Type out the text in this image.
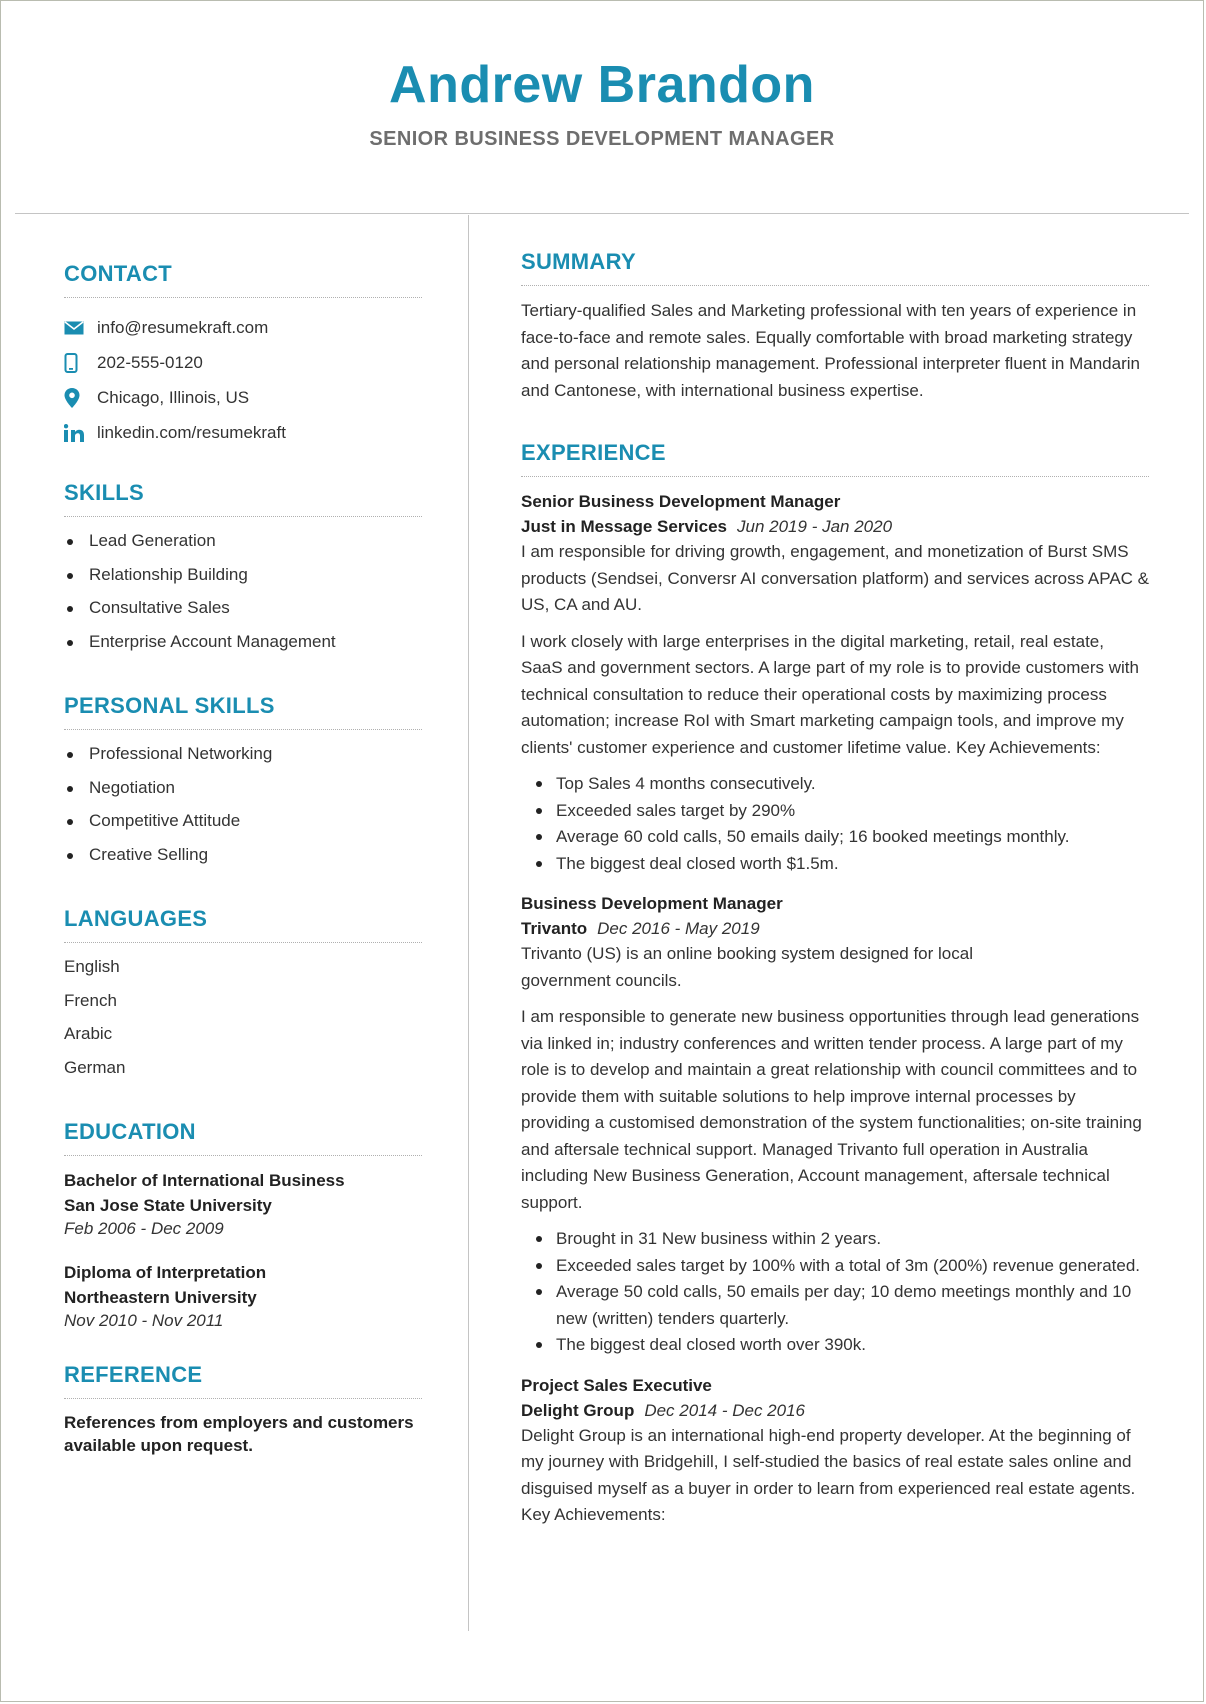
Andrew Brandon
SENIOR BUSINESS DEVELOPMENT MANAGER
CONTACT
info@resumekraft.com
202-555-0120
Chicago, Illinois, US
linkedin.com/resumekraft
SKILLS
Lead Generation
Relationship Building
Consultative Sales
Enterprise Account Management
PERSONAL SKILLS
Professional Networking
Negotiation
Competitive Attitude
Creative Selling
LANGUAGES
English
French
Arabic
German
EDUCATION
Bachelor of International Business
San Jose State University
Feb 2006 - Dec 2009
Diploma of Interpretation
Northeastern University
Nov 2010 - Nov 2011
REFERENCE
References from employers and customers available upon request.
SUMMARY

Tertiary-qualified Sales and Marketing professional with ten years of experience in face-to-face and remote sales. Equally comfortable with broad marketing strategy and personal relationship management. Professional interpreter fluent in Mandarin and Cantonese, with international business expertise.

EXPERIENCE
Senior Business Development Manager
Just in Message Services Jun 2019 - Jan 2020

I am responsible for driving growth, engagement, and monetization of Burst SMS products (Sendsei, Conversr AI conversation platform) and services across APAC & US, CA and AU.

I work closely with large enterprises in the digital marketing, retail, real estate, SaaS and government sectors. A large part of my role is to provide customers with technical consultation to reduce their operational costs by maximizing process automation; increase RoI with Smart marketing campaign tools, and improve my clients' customer experience and customer lifetime value. Key Achievements:

Top Sales 4 months consecutively.
Exceeded sales target by 290%
Average 60 cold calls, 50 emails daily; 16 booked meetings monthly.
The biggest deal closed worth $1.5m.
Business Development Manager
Trivanto Dec 2016 - May 2019

Trivanto (US) is an online booking system designed for local government councils.

I am responsible to generate new business opportunities through lead generations via linked in; industry conferences and written tender process. A large part of my role is to develop and maintain a great relationship with council committees and to provide them with suitable solutions to help improve internal processes by providing a customised demonstration of the system functionalities; on-site training and aftersale technical support. Managed Trivanto full operation in Australia including New Business Generation, Account management, aftersale technical support.

Brought in 31 New business within 2 years.
Exceeded sales target by 100% with a total of 3m (200%) revenue generated.
Average 50 cold calls, 50 emails per day; 10 demo meetings monthly and 10 new (written) tenders quarterly.
The biggest deal closed worth over 390k.
Project Sales Executive
Delight Group Dec 2014 - Dec 2016

Delight Group is an international high-end property developer. At the beginning of my journey with Bridgehill, I self-studied the basics of real estate sales online and disguised myself as a buyer in order to learn from experienced real estate agents. Key Achievements:
